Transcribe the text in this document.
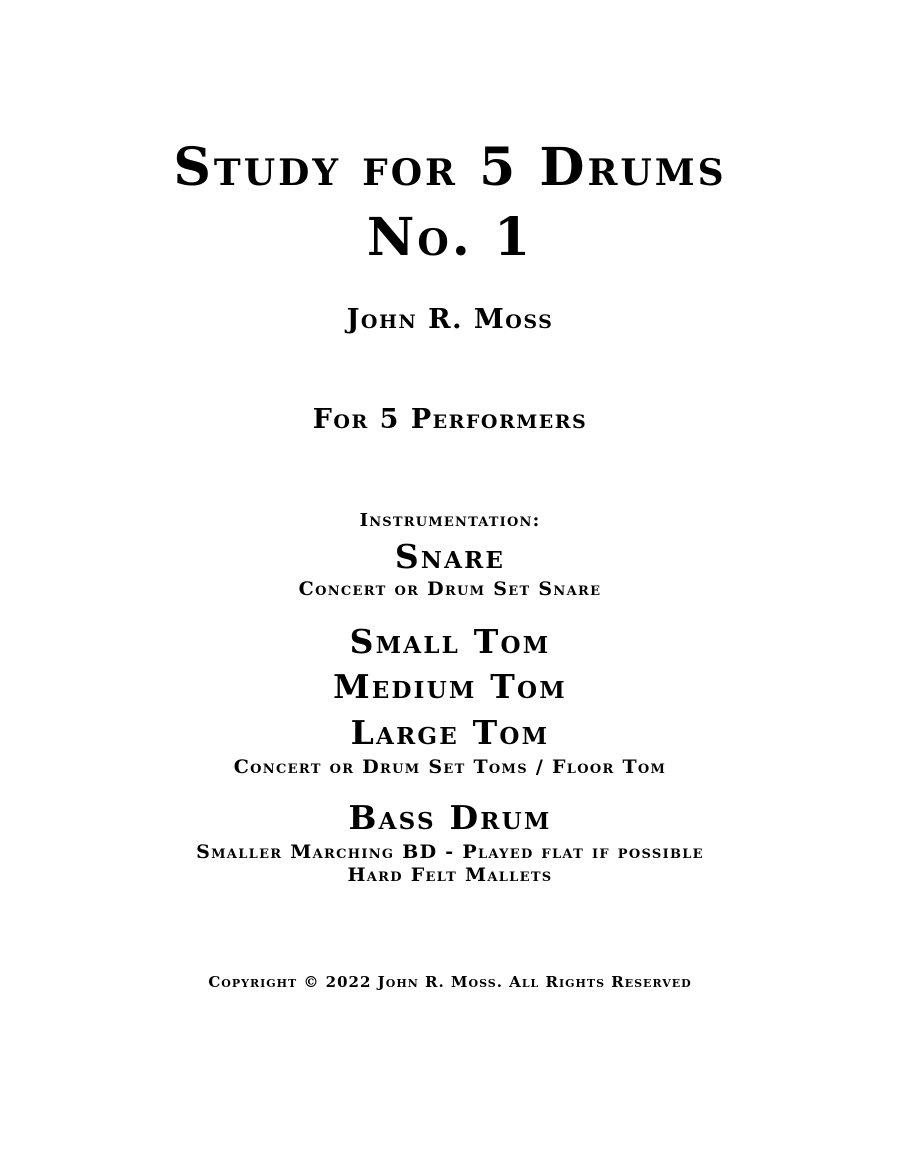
Study for 5 Drums
No. 1
John R. Moss
For 5 Performers
Instrumentation:
Snare
Concert or Drum Set Snare
Small Tom
Medium Tom
Large Tom
Concert or Drum Set Toms / Floor Tom
Bass Drum
Smaller Marching BD - Played flat if possible
Hard Felt Mallets
Copyright © 2022 John R. Moss. All Rights Reserved
